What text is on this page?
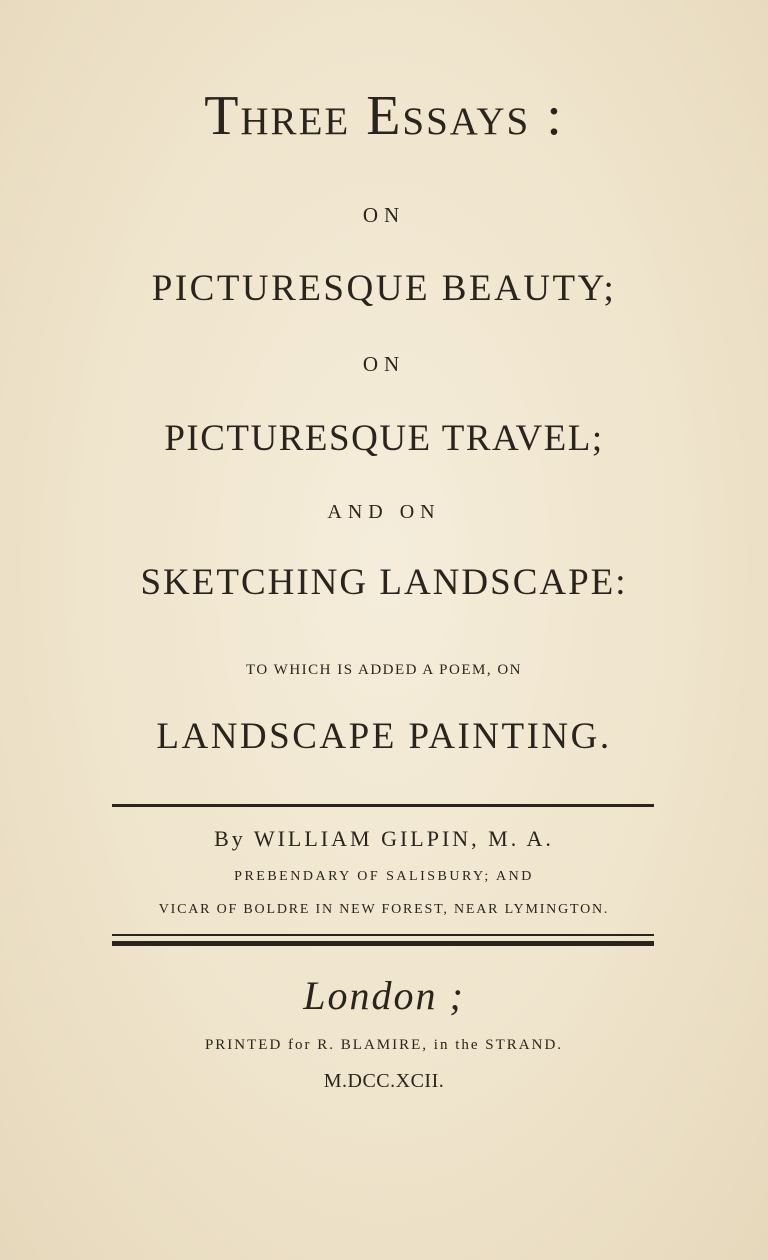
Three Essays :
ON
PICTURESQUE BEAUTY;
ON
PICTURESQUE TRAVEL;
AND ON
SKETCHING LANDSCAPE:
TO WHICH IS ADDED A POEM, ON
LANDSCAPE PAINTING.
By WILLIAM GILPIN, M. A.
PREBENDARY OF SALISBURY; AND
VICAR OF BOLDRE IN NEW FOREST, NEAR LYMINGTON.
London ;
PRINTED for R. BLAMIRE, in the STRAND.
M.DCC.XCII.
